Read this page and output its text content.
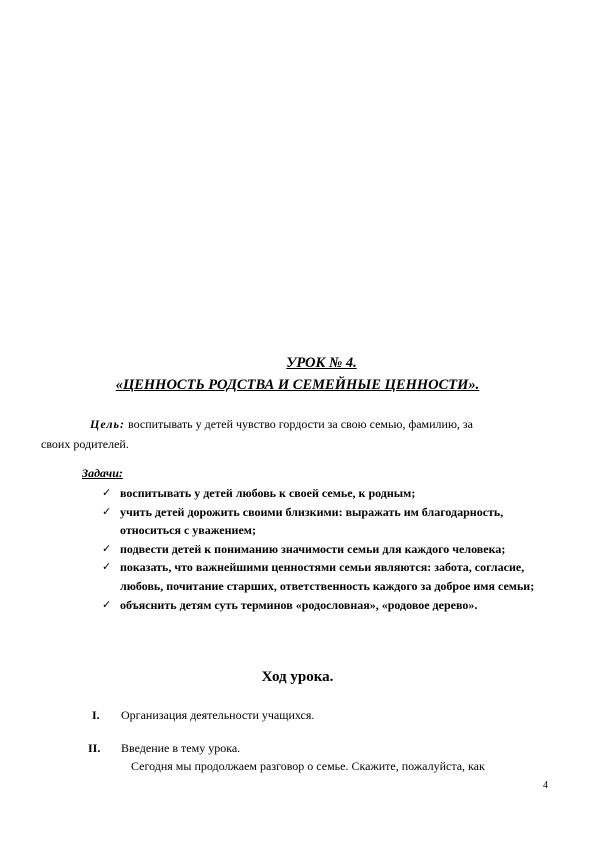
УРОК № 4.
«ЦЕННОСТЬ РОДСТВА И СЕМЕЙНЫЕ ЦЕННОСТИ».
Цель: воспитывать у детей чувство гордости за свою семью, фамилию, за
своих родителей.
Задачи:
✓ воспитывать у детей любовь к своей семье, к родным;
✓ учить детей дорожить своими близкими: выражать им благодарность, относиться с уважением;
✓ подвести детей к пониманию значимости семьи для каждого человека;
✓ показать, что важнейшими ценностями семьи являются: забота, согласие, любовь, почитание старших, ответственность каждого за доброе имя семьи;
✓ объяснить детям суть терминов «родословная», «родовое дерево».
Ход урока.
I. Организация деятельности учащихся.
II. Введение в тему урока.
Сегодня мы продолжаем разговор о семье. Скажите, пожалуйста, как
4
